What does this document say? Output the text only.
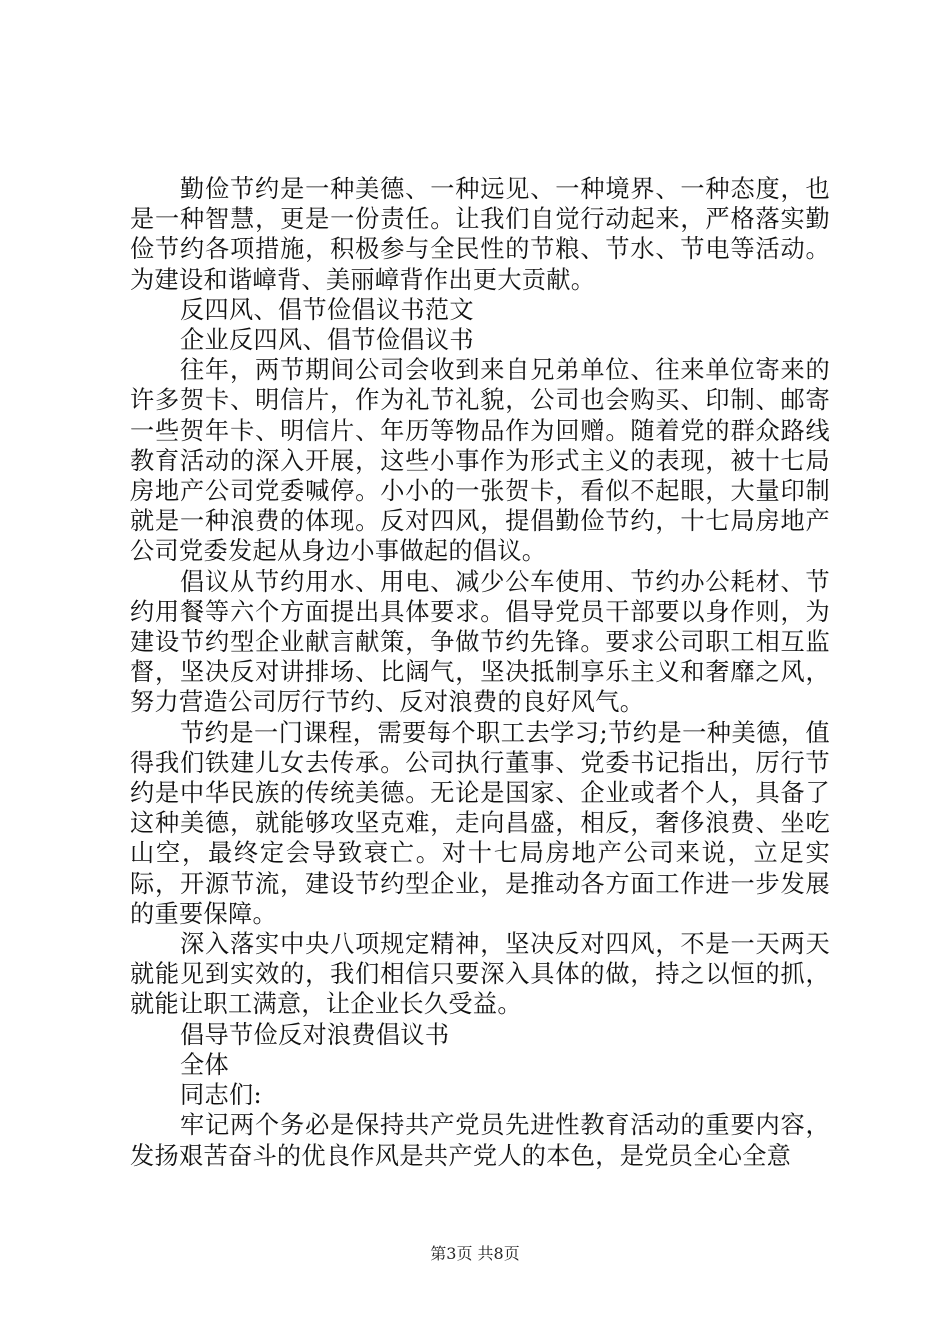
勤俭节约是一种美德、一种远见、一种境界、一种态度，也是一种智慧，更是一份责任。让我们自觉行动起来，严格落实勤俭节约各项措施，积极参与全民性的节粮、节水、节电等活动。为建设和谐嶂背、美丽嶂背作出更大贡献。

反四风、倡节俭倡议书范文

企业反四风、倡节俭倡议书

往年，两节期间公司会收到来自兄弟单位、往来单位寄来的许多贺卡、明信片，作为礼节礼貌，公司也会购买、印制、邮寄一些贺年卡、明信片、年历等物品作为回赠。随着党的群众路线教育活动的深入开展，这些小事作为形式主义的表现，被十七局房地产公司党委喊停。小小的一张贺卡，看似不起眼，大量印制就是一种浪费的体现。反对四风，提倡勤俭节约，十七局房地产公司党委发起从身边小事做起的倡议。

倡议从节约用水、用电、减少公车使用、节约办公耗材、节约用餐等六个方面提出具体要求。倡导党员干部要以身作则，为建设节约型企业献言献策，争做节约先锋。要求公司职工相互监督，坚决反对讲排场、比阔气，坚决抵制享乐主义和奢靡之风，努力营造公司厉行节约、反对浪费的良好风气。

节约是一门课程，需要每个职工去学习;节约是一种美德，值得我们铁建儿女去传承。公司执行董事、党委书记指出，厉行节约是中华民族的传统美德。无论是国家、企业或者个人，具备了这种美德，就能够攻坚克难，走向昌盛，相反，奢侈浪费、坐吃山空，最终定会导致衰亡。对十七局房地产公司来说，立足实际，开源节流，建设节约型企业，是推动各方面工作进一步发展的重要保障。

深入落实中央八项规定精神，坚决反对四风，不是一天两天就能见到实效的，我们相信只要深入具体的做，持之以恒的抓，就能让职工满意，让企业长久受益。

倡导节俭反对浪费倡议书

全体

同志们:

牢记两个务必是保持共产党员先进性教育活动的重要内容，发扬艰苦奋斗的优良作风是共产党人的本色，是党员全心全意

第3页 共8页
